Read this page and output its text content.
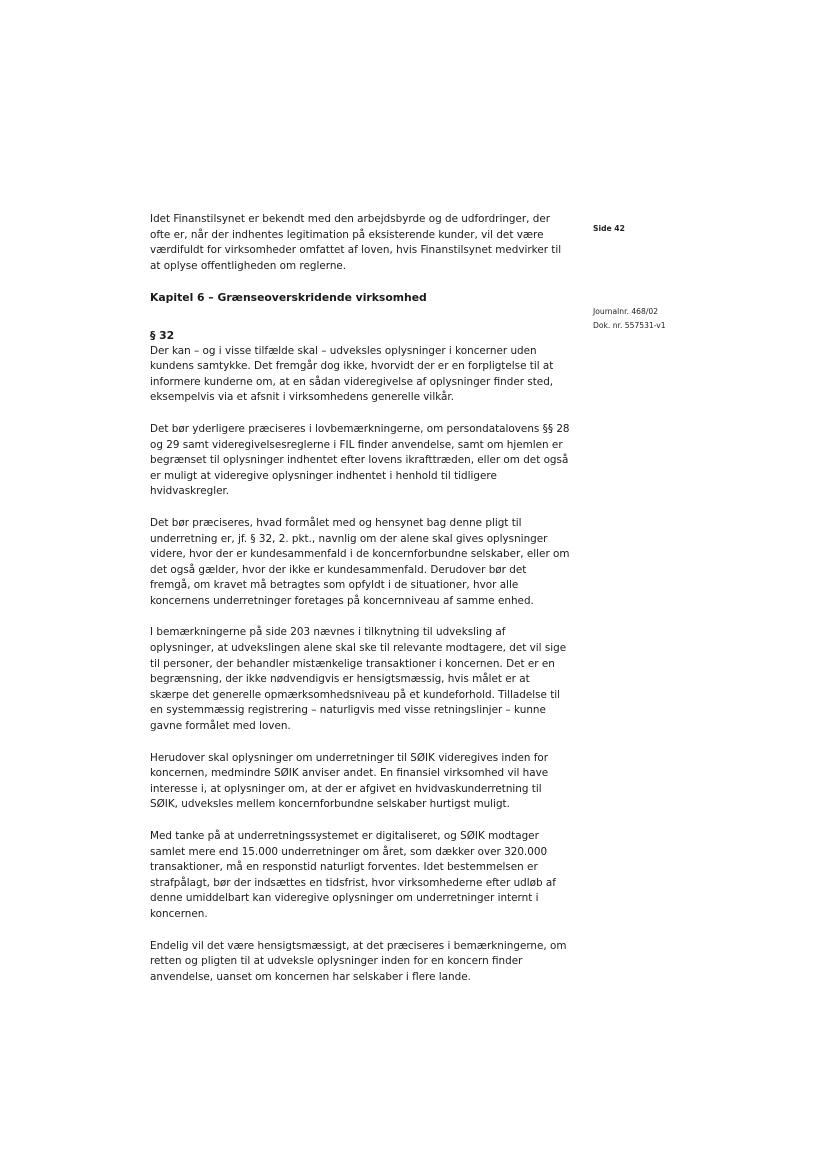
Idet Finanstilsynet er bekendt med den arbejdsbyrde og de udfordringer, der ofte er, når der indhentes legitimation på eksisterende kunder, vil det være værdifuldt for virksomheder omfattet af loven, hvis Finanstilsynet medvirker til at oplyse offentligheden om reglerne.

Kapitel 6 – Grænseoverskridende virksomhed
§ 32

Der kan – og i visse tilfælde skal – udveksles oplysninger i koncerner uden kundens samtykke. Det fremgår dog ikke, hvorvidt der er en forpligtelse til at informere kunderne om, at en sådan videregivelse af oplysninger finder sted, eksempelvis via et afsnit i virksomhedens generelle vilkår.

Det bør yderligere præciseres i lovbemærkningerne, om persondatalovens §§ 28 og 29 samt videregivelsesreglerne i FIL finder anvendelse, samt om hjemlen er begrænset til oplysninger indhentet efter lovens ikrafttræden, eller om det også er muligt at videregive oplysninger indhentet i henhold til tidligere hvidvaskregler.

Det bør præciseres, hvad formålet med og hensynet bag denne pligt til underretning er, jf. § 32, 2. pkt., navnlig om der alene skal gives oplysninger videre, hvor der er kundesammenfald i de koncernforbundne selskaber, eller om det også gælder, hvor der ikke er kundesammenfald. Derudover bør det fremgå, om kravet må betragtes som opfyldt i de situationer, hvor alle koncernens underretninger foretages på koncernniveau af samme enhed.

I bemærkningerne på side 203 nævnes i tilknytning til udveksling af oplysninger, at udvekslingen alene skal ske til relevante modtagere, det vil sige til personer, der behandler mistænkelige transaktioner i koncernen. Det er en begrænsning, der ikke nødvendigvis er hensigtsmæssig, hvis målet er at skærpe det generelle opmærksomhedsniveau på et kundeforhold. Tilladelse til en systemmæssig registrering – naturligvis med visse retningslinjer – kunne gavne formålet med loven.

Herudover skal oplysninger om underretninger til SØIK videregives inden for koncernen, medmindre SØIK anviser andet. En finansiel virksomhed vil have interesse i, at oplysninger om, at der er afgivet en hvidvaskunderretning til SØIK, udveksles mellem koncernforbundne selskaber hurtigst muligt.

Med tanke på at underretningssystemet er digitaliseret, og SØIK modtager samlet mere end 15.000 underretninger om året, som dækker over 320.000 transaktioner, må en responstid naturligt forventes. Idet bestemmelsen er strafpålagt, bør der indsættes en tidsfrist, hvor virksomhederne efter udløb af denne umiddelbart kan videregive oplysninger om underretninger internt i koncernen.

Endelig vil det være hensigtsmæssigt, at det præciseres i bemærkningerne, om retten og pligten til at udveksle oplysninger inden for en koncern finder anvendelse, uanset om koncernen har selskaber i flere lande.

Side 42
Journalnr. 468/02
Dok. nr. 557531-v1
